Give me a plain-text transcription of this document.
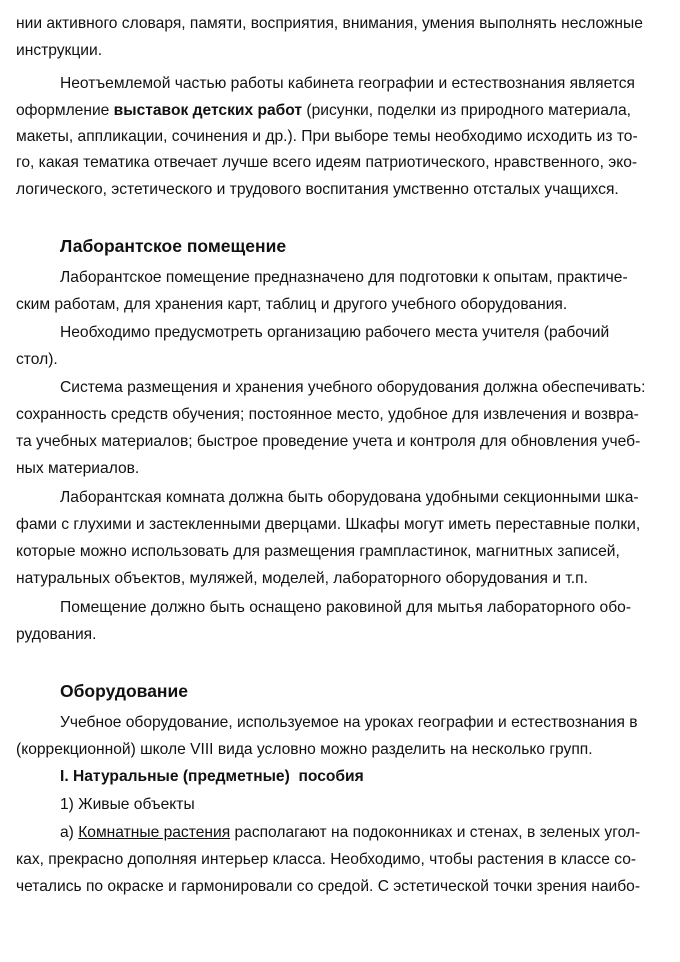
нии активного словаря, памяти, восприятия, внимания, умения выполнять несложные
инструкции.
Неотъемлемой частью работы кабинета географии и естествознания является
оформление выставок детских работ (рисунки, поделки из природного материала,
макеты, аппликации, сочинения и др.). При выборе темы необходимо исходить из то-
го, какая тематика отвечает лучше всего идеям патриотического, нравственного, эко-
логического, эстетического и трудового воспитания умственно отсталых учащихся.
Лаборантское помещение
Лаборантское помещение предназначено для подготовки к опытам, практиче-
ским работам, для хранения карт, таблиц и другого учебного оборудования.
Необходимо предусмотреть организацию рабочего места учителя (рабочий
стол).
Система размещения и хранения учебного оборудования должна обеспечивать:
сохранность средств обучения; постоянное место, удобное для извлечения и возвра-
та учебных материалов; быстрое проведение учета и контроля для обновления учеб-
ных материалов.
Лаборантская комната должна быть оборудована удобными секционными шка-
фами с глухими и застекленными дверцами. Шкафы могут иметь переставные полки,
которые можно использовать для размещения грампластинок, магнитных записей,
натуральных объектов, муляжей, моделей, лабораторного оборудования и т.п.
Помещение должно быть оснащено раковиной для мытья лабораторного обо-
рудования.
Оборудование
Учебное оборудование, используемое на уроках географии и естествознания в
(коррекционной) школе VIII вида условно можно разделить на несколько групп.
I. Натуральные (предметные)  пособия
1) Живые объекты
а) Комнатные растения располагают на подоконниках и стенах, в зеленых угол-
ках, прекрасно дополняя интерьер класса. Необходимо, чтобы растения в классе со-
четались по окраске и гармонировали со средой. С эстетической точки зрения наибо-
